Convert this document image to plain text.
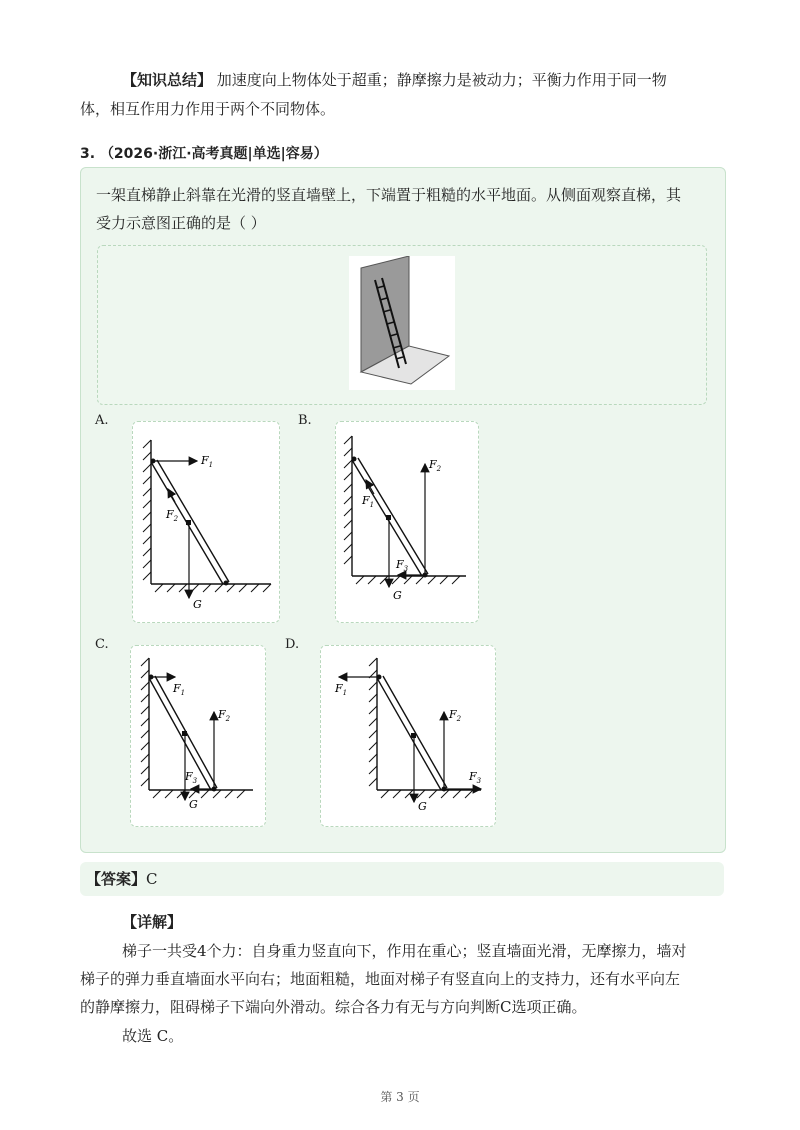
【知识总结】 加速度向上物体处于超重；静摩擦力是被动力；平衡力作用于同一物
体，相互作用力作用于两个不同物体。
3. （2026·浙江·高考真题|单选|容易）
一架直梯静止斜靠在光滑的竖直墙壁上，下端置于粗糙的水平地面。从侧面观察直梯，其
受力示意图正确的是（ ）
A.
$F_1$
$F_2$
G
B.
$F_1$
$F_2$
$F_3$
G
C.
$F_1$
$F_2$
$F_3$
G
D.
$F_1$
$F_2$
$F_3$
G
【答案】C
【详解】
梯子一共受4个力：自身重力竖直向下，作用在重心；竖直墙面光滑，无摩擦力，墙对
梯子的弹力垂直墙面水平向右；地面粗糙，地面对梯子有竖直向上的支持力，还有水平向左
的静摩擦力，阻碍梯子下端向外滑动。综合各力有无与方向判断C选项正确。
故选 C。
第 3 页
